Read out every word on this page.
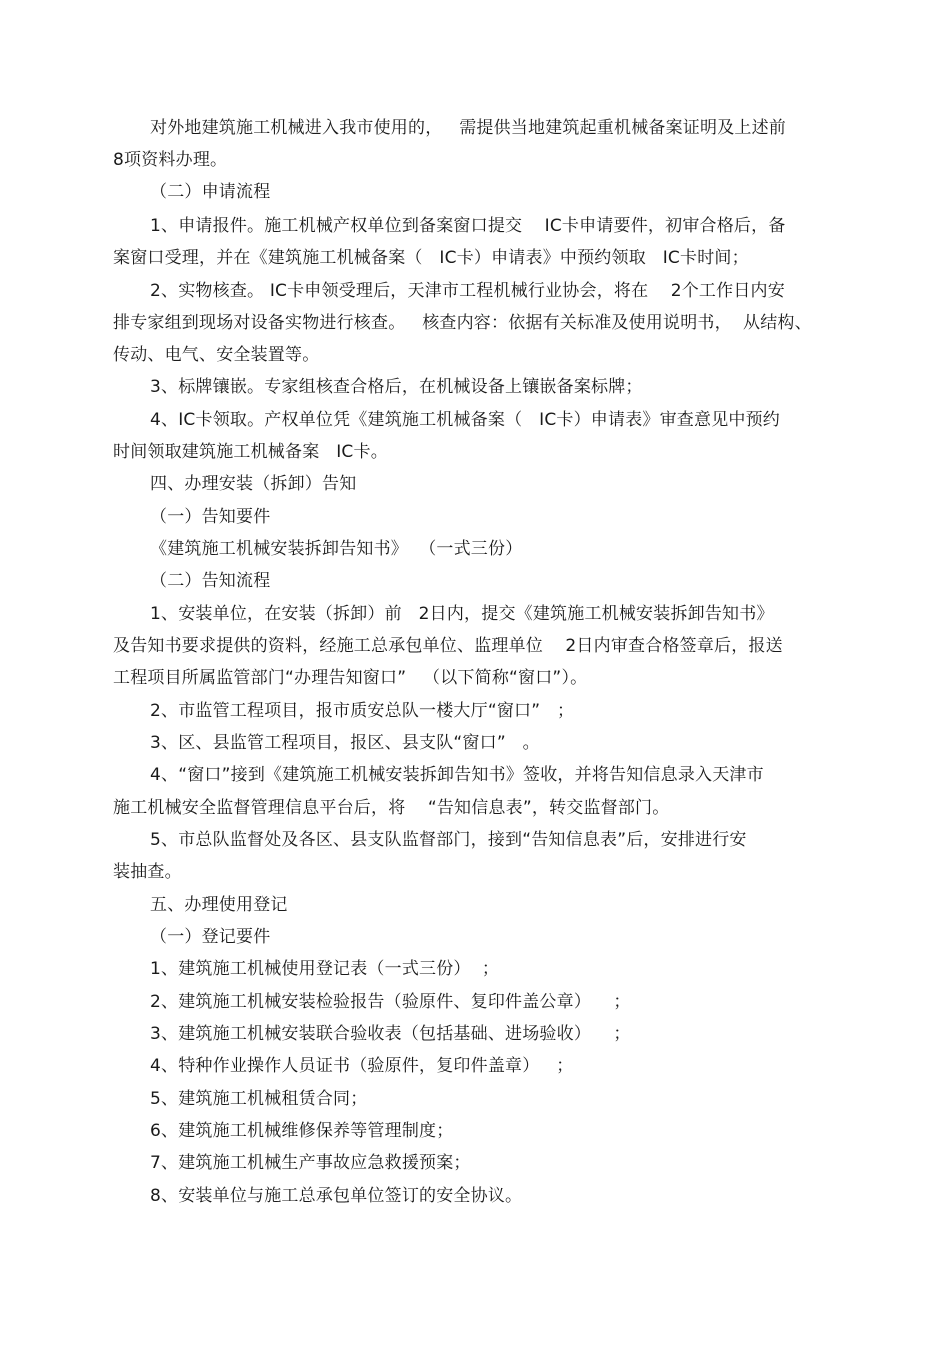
对外地建筑施工机械进入我市使用的，   需提供当地建筑起重机械备案证明及上述前
8项资料办理。
（二）申请流程
1、申请报件。施工机械产权单位到备案窗口提交    IC卡申请要件，初审合格后，备
案窗口受理，并在《建筑施工机械备案（   IC卡）申请表》中预约领取   IC卡时间；
2、实物核查。 IC卡申领受理后，天津市工程机械行业协会，将在    2个工作日内安
排专家组到现场对设备实物进行核查。   核查内容：依据有关标准及使用说明书，  从结构、
传动、电气、安全装置等。
3、标牌镶嵌。专家组核查合格后，在机械设备上镶嵌备案标牌；
4、IC卡领取。产权单位凭《建筑施工机械备案（   IC卡）申请表》审查意见中预约
时间领取建筑施工机械备案   IC卡。
四、办理安装（拆卸）告知
（一）告知要件
《建筑施工机械安装拆卸告知书》  （一式三份）
（二）告知流程
1、安装单位，在安装（拆卸）前   2日内，提交《建筑施工机械安装拆卸告知书》
及告知书要求提供的资料，经施工总承包单位、监理单位    2日内审查合格签章后，报送
工程项目所属监管部门“办理告知窗口”   （以下简称“窗口”）。
2、市监管工程项目，报市质安总队一楼大厅“窗口”   ；
3、区、县监管工程项目，报区、县支队“窗口”   。
4、“窗口”接到《建筑施工机械安装拆卸告知书》签收，并将告知信息录入天津市
施工机械安全监督管理信息平台后，将    “告知信息表”，转交监督部门。
5、市总队监督处及各区、县支队监督部门，接到“告知信息表”后，安排进行安
装抽查。
五、办理使用登记
（一）登记要件
1、建筑施工机械使用登记表（一式三份）  ；
2、建筑施工机械安装检验报告（验原件、复印件盖公章）    ；
3、建筑施工机械安装联合验收表（包括基础、进场验收）    ；
4、特种作业操作人员证书（验原件，复印件盖章）   ；
5、建筑施工机械租赁合同；
6、建筑施工机械维修保养等管理制度；
7、建筑施工机械生产事故应急救援预案；
8、安装单位与施工总承包单位签订的安全协议。
